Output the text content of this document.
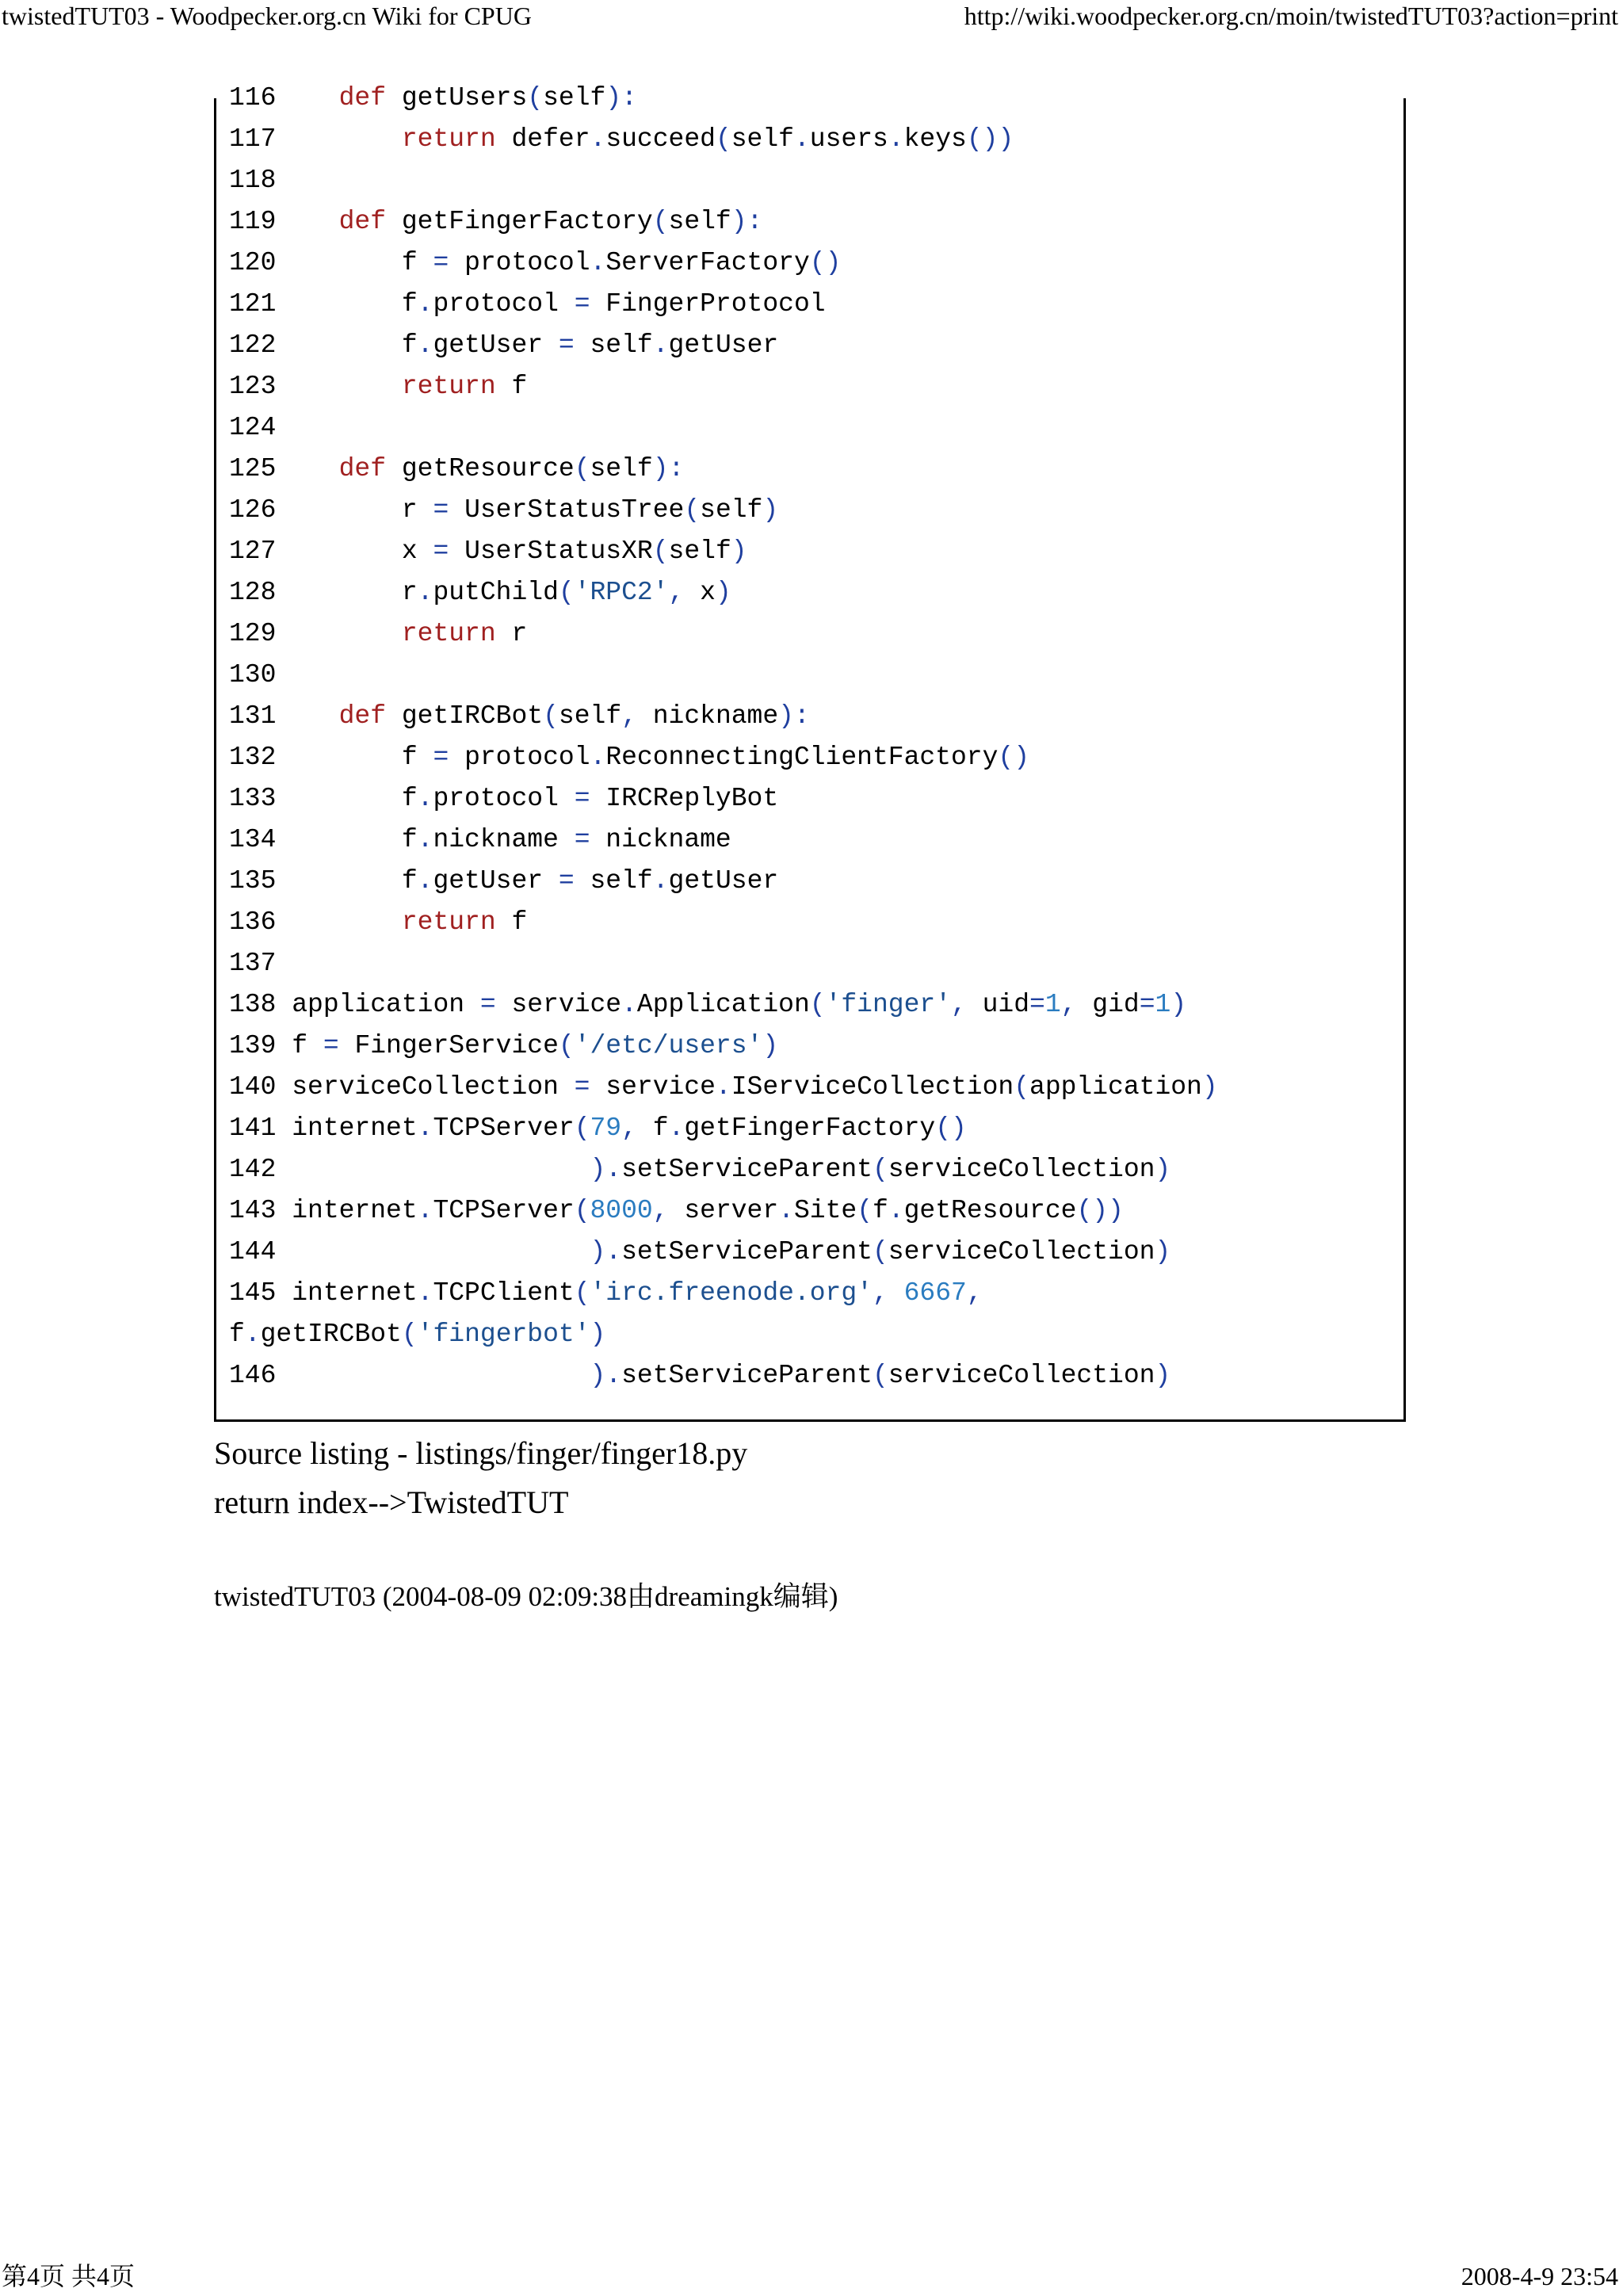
twistedTUT03 - Woodpecker.org.cn Wiki for CPUG	http://wiki.woodpecker.org.cn/moin/twistedTUT03?action=print
116    def getUsers(self):
117        return defer.succeed(self.users.keys())
118
119    def getFingerFactory(self):
120        f = protocol.ServerFactory()
121        f.protocol = FingerProtocol
122        f.getUser = self.getUser
123        return f
124
125    def getResource(self):
126        r = UserStatusTree(self)
127        x = UserStatusXR(self)
128        r.putChild('RPC2', x)
129        return r
130
131    def getIRCBot(self, nickname):
132        f = protocol.ReconnectingClientFactory()
133        f.protocol = IRCReplyBot
134        f.nickname = nickname
135        f.getUser = self.getUser
136        return f
137
138 application = service.Application('finger', uid=1, gid=1)
139 f = FingerService('/etc/users')
140 serviceCollection = service.IServiceCollection(application)
141 internet.TCPServer(79, f.getFingerFactory()
142                    ).setServiceParent(serviceCollection)
143 internet.TCPServer(8000, server.Site(f.getResource())
144                    ).setServiceParent(serviceCollection)
145 internet.TCPClient('irc.freenode.org', 6667,
f.getIRCBot('fingerbot')
146                    ).setServiceParent(serviceCollection)
Source listing - listings/finger/finger18.py
return index-->TwistedTUT
twistedTUT03 (2004-08-09 02:09:38由dreamingk编辑)
第4页 共4页	2008-4-9 23:54
